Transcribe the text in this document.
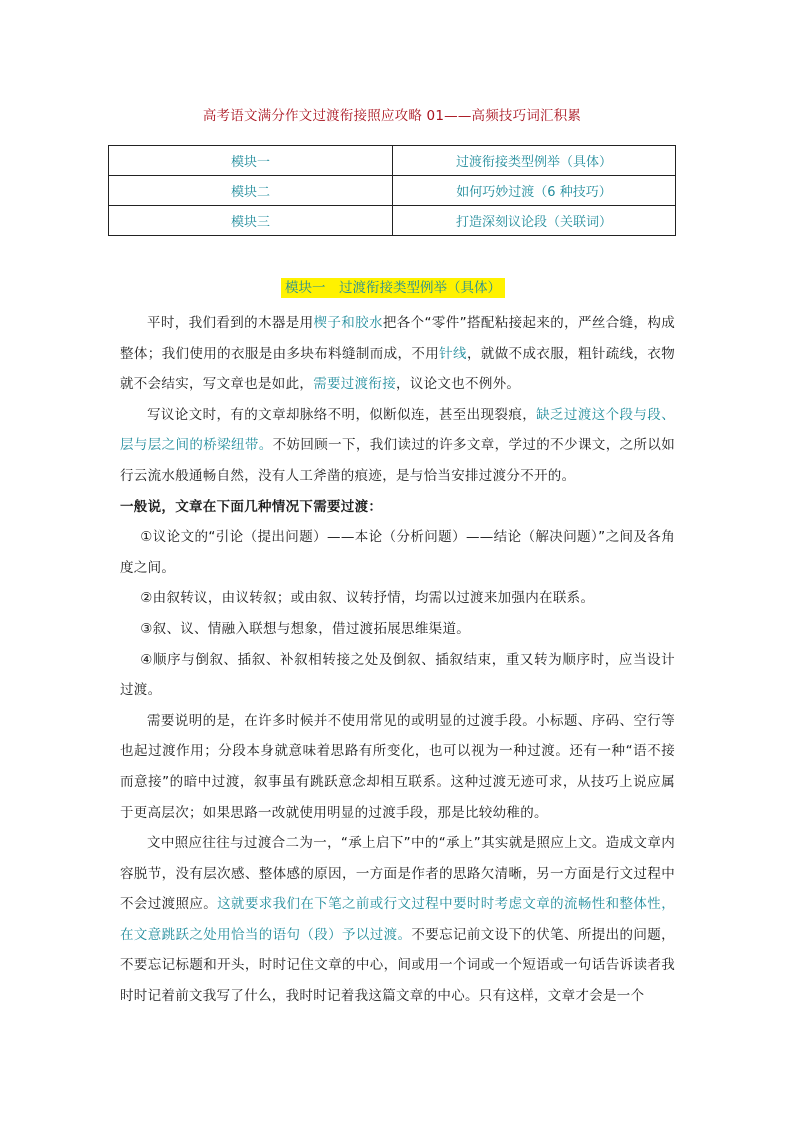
高考语文满分作文过渡衔接照应攻略 01——高频技巧词汇积累
模块一	过渡衔接类型例举（具体）
模块二	如何巧妙过渡（6 种技巧）
模块三	打造深刻议论段（关联词）
模块一　过渡衔接类型例举（具体）

平时，我们看到的木器是用楔子和胶水把各个“零件”搭配粘接起来的，严丝合缝，构成整体；我们使用的衣服是由多块布料缝制而成，不用针线，就做不成衣服，粗针疏线，衣物就不会结实，写文章也是如此，需要过渡衔接，议论文也不例外。

写议论文时，有的文章却脉络不明，似断似连，甚至出现裂痕，缺乏过渡这个段与段、层与层之间的桥梁纽带。不妨回顾一下，我们读过的许多文章，学过的不少课文，之所以如行云流水般通畅自然，没有人工斧凿的痕迹，是与恰当安排过渡分不开的。

一般说，文章在下面几种情况下需要过渡：

①议论文的“引论（提出问题）——本论（分析问题）——结论（解决问题）”之间及各角度之间。

②由叙转议，由议转叙；或由叙、议转抒情，均需以过渡来加强内在联系。

③叙、议、情融入联想与想象，借过渡拓展思维渠道。

④顺序与倒叙、插叙、补叙相转接之处及倒叙、插叙结束，重又转为顺序时，应当设计过渡。

需要说明的是，在许多时候并不使用常见的或明显的过渡手段。小标题、序码、空行等也起过渡作用；分段本身就意味着思路有所变化，也可以视为一种过渡。还有一种“语不接而意接”的暗中过渡，叙事虽有跳跃意念却相互联系。这种过渡无迹可求，从技巧上说应属于更高层次；如果思路一改就使用明显的过渡手段，那是比较幼稚的。

文中照应往往与过渡合二为一，“承上启下”中的“承上”其实就是照应上文。造成文章内容脱节，没有层次感、整体感的原因，一方面是作者的思路欠清晰，另一方面是行文过程中不会过渡照应。这就要求我们在下笔之前或行文过程中要时时考虑文章的流畅性和整体性，在文意跳跃之处用恰当的语句（段）予以过渡。不要忘记前文设下的伏笔、所提出的问题，不要忘记标题和开头，时时记住文章的中心，间或用一个词或一个短语或一句话告诉读者我时时记着前文我写了什么，我时时记着我这篇文章的中心。只有这样，文章才会是一个
